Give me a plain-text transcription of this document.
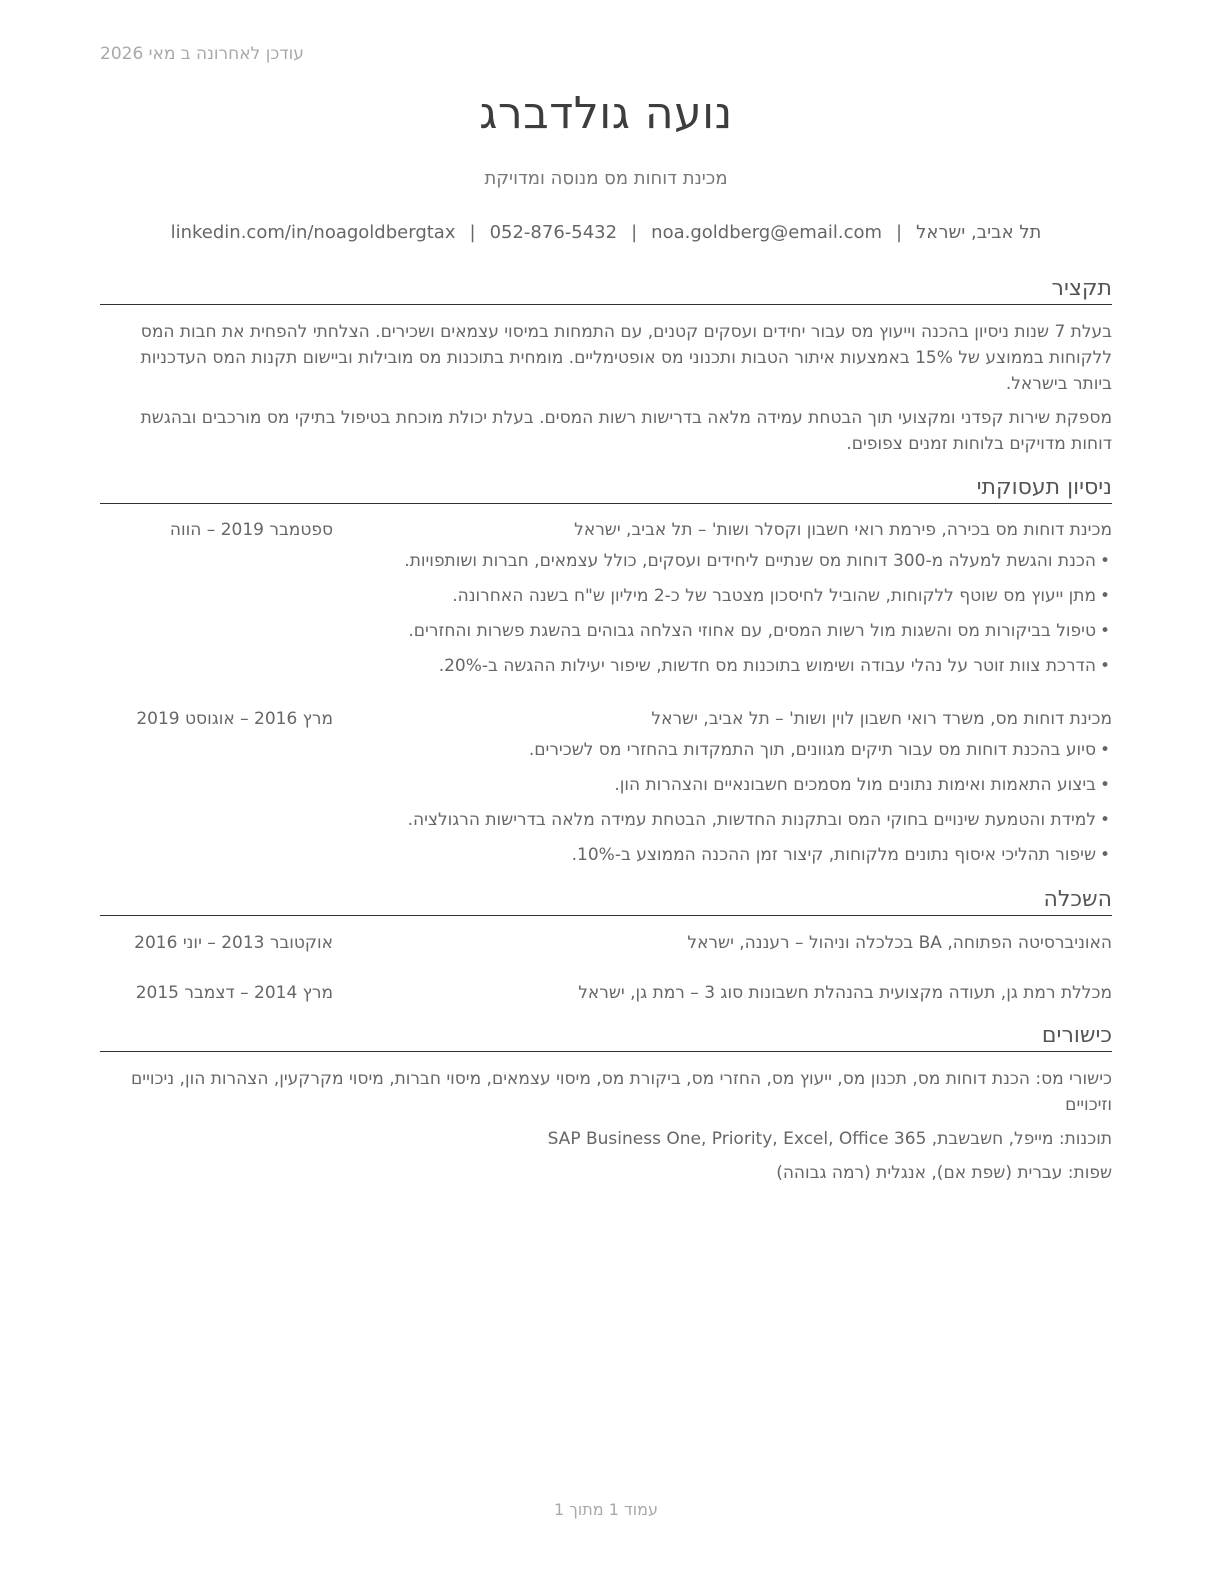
עודכן לאחרונה ב מאי 2026
נועה גולדברג
מכינת דוחות מס מנוסה ומדויקת
תל אביב, ישראל|noa.goldberg@email.com|052-876-5432|linkedin.com/in/noagoldbergtax
תקציר
בעלת 7 שנות ניסיון בהכנה וייעוץ מס עבור יחידים ועסקים קטנים, עם התמחות במיסוי עצמאים ושכירים. הצלחתי להפחית את חבות המס ללקוחות בממוצע של 15% באמצעות איתור הטבות ותכנוני מס אופטימליים. מומחית בתוכנות מס מובילות וביישום תקנות המס העדכניות ביותר בישראל.
מספקת שירות קפדני ומקצועי תוך הבטחת עמידה מלאה בדרישות רשות המסים. בעלת יכולת מוכחת בטיפול בתיקי מס מורכבים ובהגשת דוחות מדויקים בלוחות זמנים צפופים.
ניסיון תעסוקתי
מכינת דוחות מס בכירה, פירמת רואי חשבון וקסלר ושות' – תל אביב, ישראל
ספטמבר 2019 – הווה
• הכנת והגשת למעלה מ-300 דוחות מס שנתיים ליחידים ועסקים, כולל עצמאים, חברות ושותפויות.
• מתן ייעוץ מס שוטף ללקוחות, שהוביל לחיסכון מצטבר של כ-2 מיליון ש"ח בשנה האחרונה.
• טיפול בביקורות מס והשגות מול רשות המסים, עם אחוזי הצלחה גבוהים בהשגת פשרות והחזרים.
• הדרכת צוות זוטר על נהלי עבודה ושימוש בתוכנות מס חדשות, שיפור יעילות ההגשה ב-20%.
מכינת דוחות מס, משרד רואי חשבון לוין ושות' – תל אביב, ישראל
מרץ 2016 – אוגוסט 2019
• סיוע בהכנת דוחות מס עבור תיקים מגוונים, תוך התמקדות בהחזרי מס לשכירים.
• ביצוע התאמות ואימות נתונים מול מסמכים חשבונאיים והצהרות הון.
• למידת והטמעת שינויים בחוקי המס ובתקנות החדשות, הבטחת עמידה מלאה בדרישות הרגולציה.
• שיפור תהליכי איסוף נתונים מלקוחות, קיצור זמן ההכנה הממוצע ב-10%.
השכלה
האוניברסיטה הפתוחה, BA בכלכלה וניהול – רעננה, ישראל
אוקטובר 2013 – יוני 2016
מכללת רמת גן, תעודה מקצועית בהנהלת חשבונות סוג 3 – רמת גן, ישראל
מרץ 2014 – דצמבר 2015
כישורים
כישורי מס: הכנת דוחות מס, תכנון מס, ייעוץ מס, החזרי מס, ביקורת מס, מיסוי עצמאים, מיסוי חברות, מיסוי מקרקעין, הצהרות הון, ניכויים וזיכויים
תוכנות: מייפל, חשבשבת, SAP Business One, Priority, Excel, Office 365
שפות: עברית (שפת אם), אנגלית (רמה גבוהה)
עמוד 1 מתוך 1
